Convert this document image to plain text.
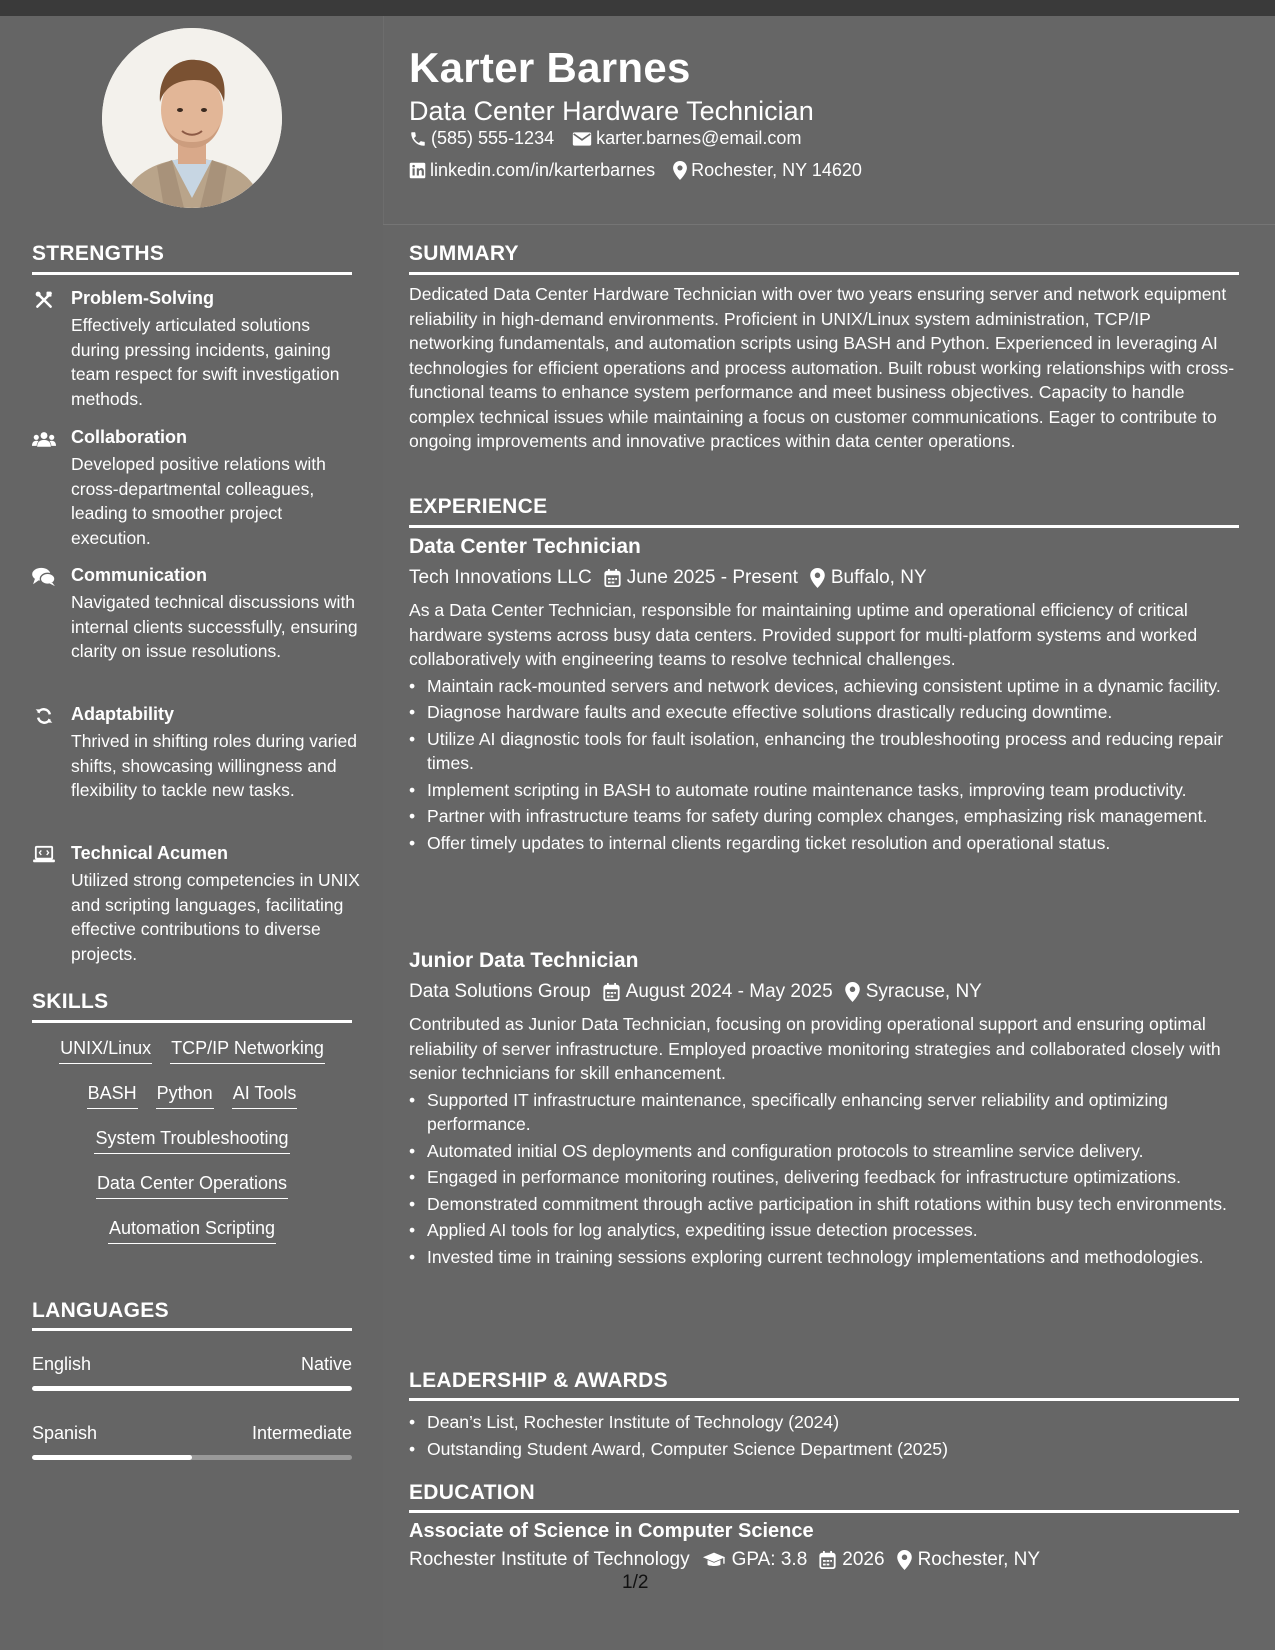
Karter Barnes
Data Center Hardware Technician
(585) 555-1234 karter.barnes@email.com
linkedin.com/in/karterbarnes Rochester, NY 14620
STRENGTHS
Problem-Solving
Effectively articulated solutions during pressing incidents, gaining team respect for swift investigation methods.
Collaboration
Developed positive relations with cross-departmental colleagues, leading to smoother project execution.
Communication
Navigated technical discussions with internal clients successfully, ensuring clarity on issue resolutions.
Adaptability
Thrived in shifting roles during varied shifts, showcasing willingness and flexibility to tackle new tasks.
Technical Acumen
Utilized strong competencies in UNIX and scripting languages, facilitating effective contributions to diverse projects.
SKILLS
UNIX/Linux TCP/IP Networking
BASH Python AI Tools
System Troubleshooting
Data Center Operations
Automation Scripting
LANGUAGES
English	Native
Spanish	Intermediate
SUMMARY
Dedicated Data Center Hardware Technician with over two years ensuring server and network equipment reliability in high-demand environments. Proficient in UNIX/Linux system administration, TCP/IP networking fundamentals, and automation scripts using BASH and Python. Experienced in leveraging AI technologies for efficient operations and process automation. Built robust working relationships with cross-functional teams to enhance system performance and meet business objectives. Capacity to handle complex technical issues while maintaining a focus on customer communications. Eager to contribute to ongoing improvements and innovative practices within data center operations.
EXPERIENCE
Data Center Technician
Tech Innovations LLC June 2025 - Present Buffalo, NY
As a Data Center Technician, responsible for maintaining uptime and operational efficiency of critical hardware systems across busy data centers. Provided support for multi-platform systems and worked collaboratively with engineering teams to resolve technical challenges.
• Maintain rack-mounted servers and network devices, achieving consistent uptime in a dynamic facility.
• Diagnose hardware faults and execute effective solutions drastically reducing downtime.
• Utilize AI diagnostic tools for fault isolation, enhancing the troubleshooting process and reducing repair times.
• Implement scripting in BASH to automate routine maintenance tasks, improving team productivity.
• Partner with infrastructure teams for safety during complex changes, emphasizing risk management.
• Offer timely updates to internal clients regarding ticket resolution and operational status.
Junior Data Technician
Data Solutions Group August 2024 - May 2025 Syracuse, NY
Contributed as Junior Data Technician, focusing on providing operational support and ensuring optimal reliability of server infrastructure. Employed proactive monitoring strategies and collaborated closely with senior technicians for skill enhancement.
• Supported IT infrastructure maintenance, specifically enhancing server reliability and optimizing performance.
• Automated initial OS deployments and configuration protocols to streamline service delivery.
• Engaged in performance monitoring routines, delivering feedback for infrastructure optimizations.
• Demonstrated commitment through active participation in shift rotations within busy tech environments.
• Applied AI tools for log analytics, expediting issue detection processes.
• Invested time in training sessions exploring current technology implementations and methodologies.
LEADERSHIP & AWARDS
• Dean’s List, Rochester Institute of Technology (2024)
• Outstanding Student Award, Computer Science Department (2025)
EDUCATION
Associate of Science in Computer Science
Rochester Institute of Technology GPA: 3.8 2026 Rochester, NY
1/2
